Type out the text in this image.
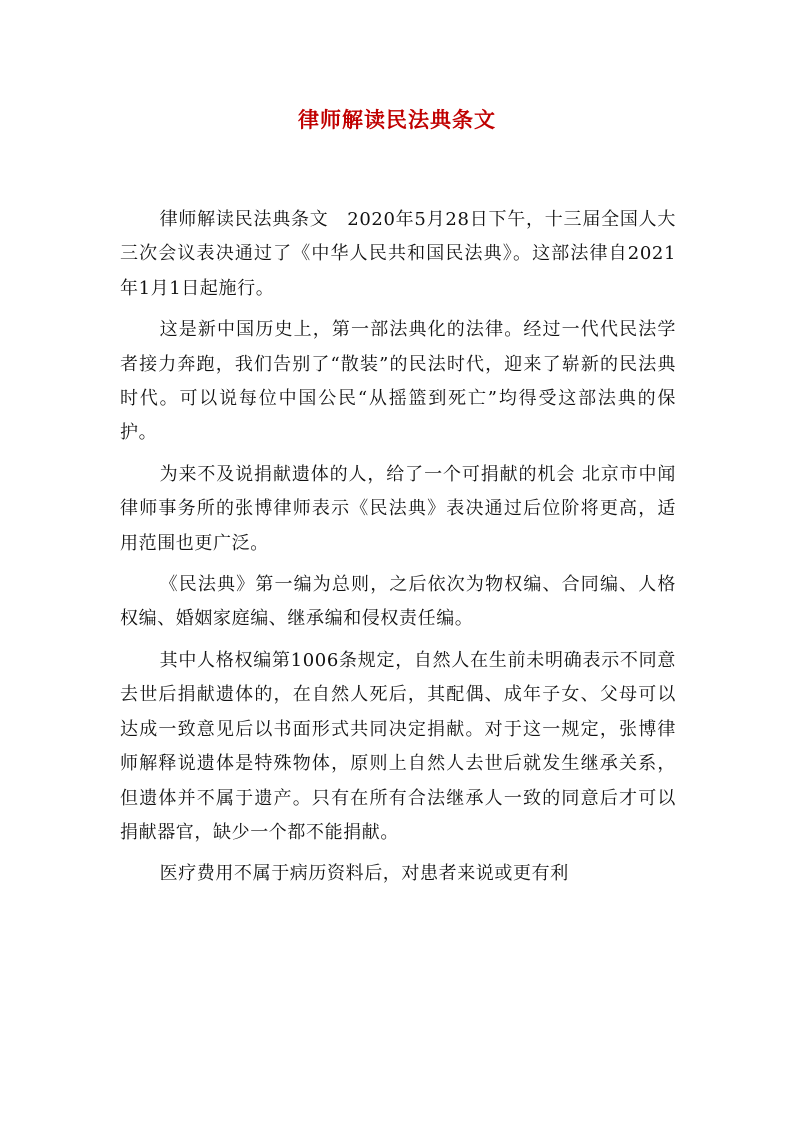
律师解读民法典条文

律师解读民法典条文　2020年5月28日下午，十三届全国人大三次会议表决通过了《中华人民共和国民法典》。这部法律自2021年1月1日起施行。

这是新中国历史上，第一部法典化的法律。经过一代代民法学者接力奔跑，我们告别了“散装”的民法时代，迎来了崭新的民法典时代。可以说每位中国公民“从摇篮到死亡”均得受这部法典的保护。

为来不及说捐献遗体的人，给了一个可捐献的机会 北京市中闻律师事务所的张博律师表示《民法典》表决通过后位阶将更高，适用范围也更广泛。

《民法典》第一编为总则，之后依次为物权编、合同编、人格权编、婚姻家庭编、继承编和侵权责任编。

其中人格权编第1006条规定，自然人在生前未明确表示不同意去世后捐献遗体的，在自然人死后，其配偶、成年子女、父母可以达成一致意见后以书面形式共同决定捐献。对于这一规定，张博律师解释说遗体是特殊物体，原则上自然人去世后就发生继承关系，但遗体并不属于遗产。只有在所有合法继承人一致的同意后才可以捐献器官，缺少一个都不能捐献。

医疗费用不属于病历资料后，对患者来说或更有利
